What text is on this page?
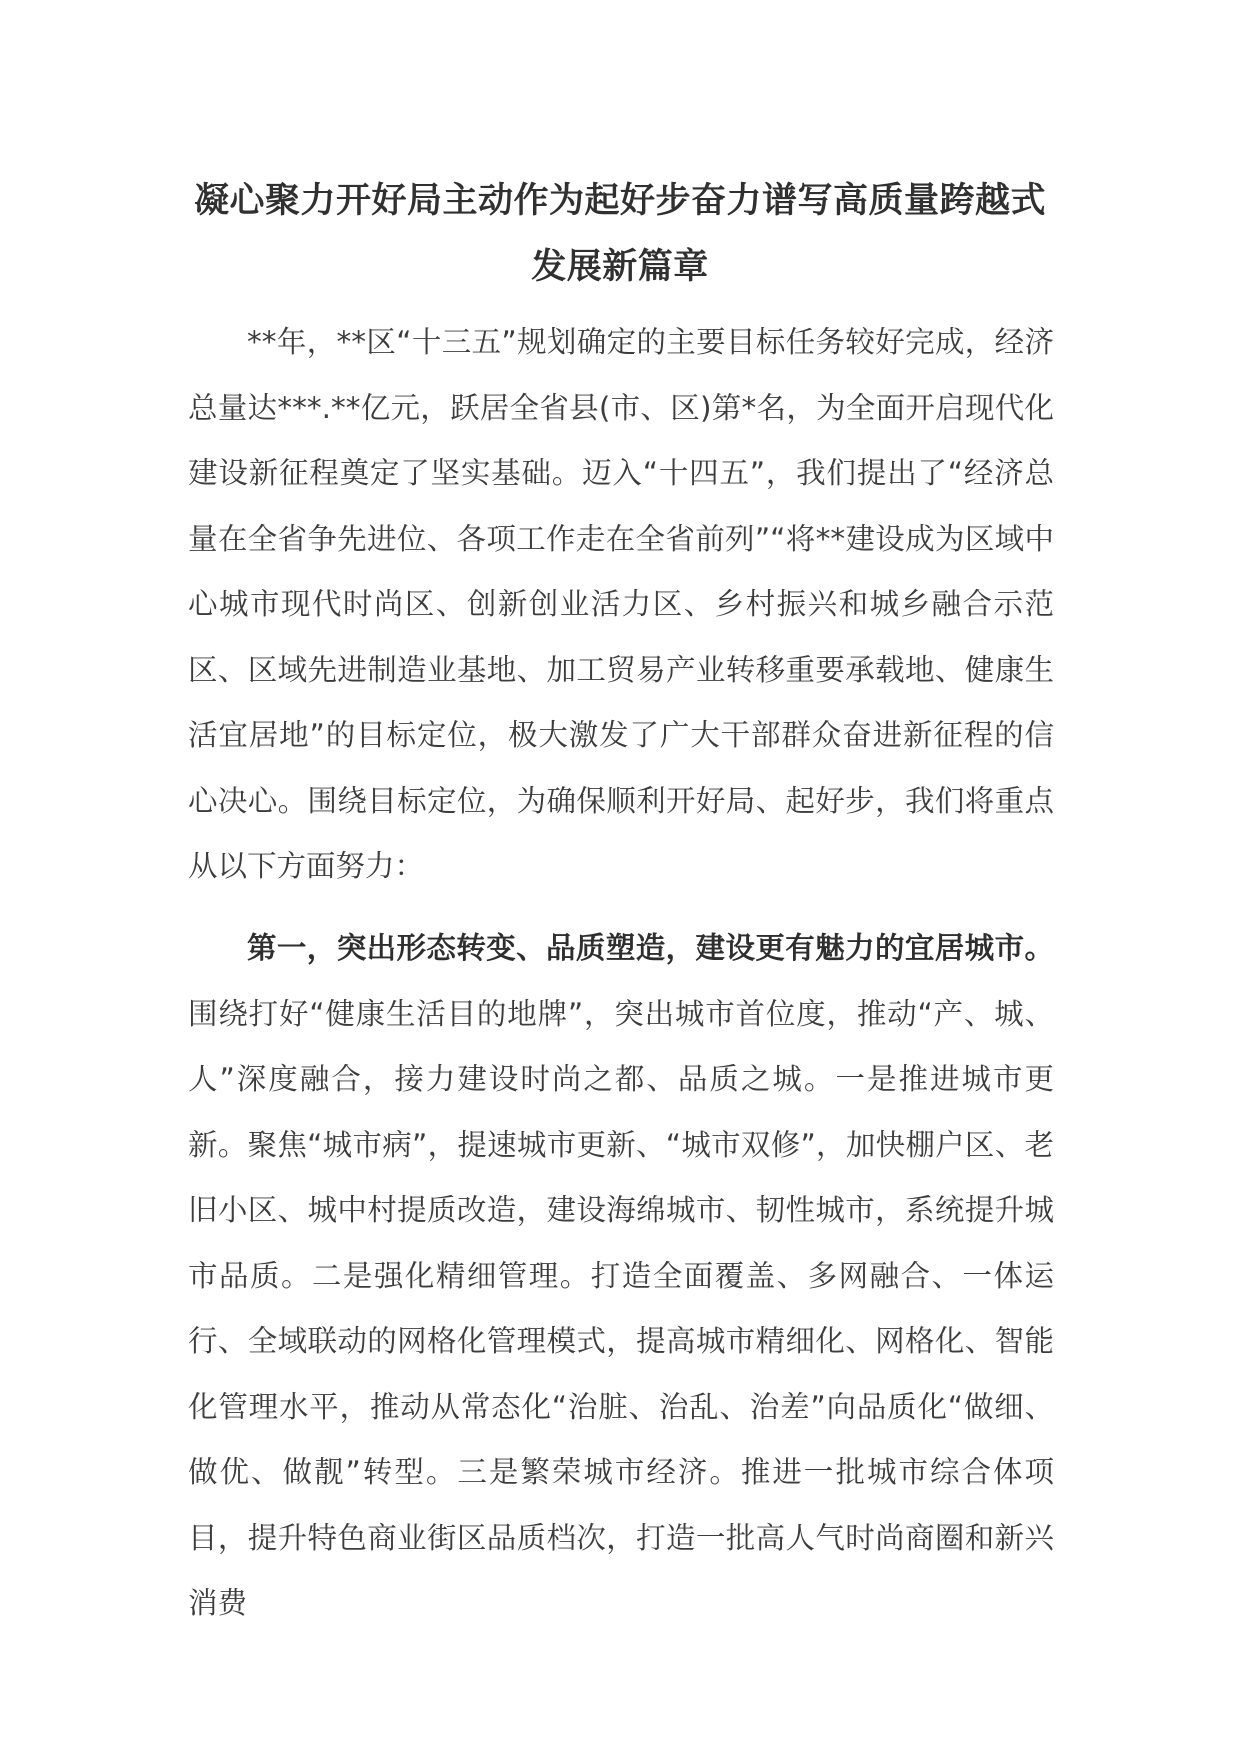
凝心聚力开好局主动作为起好步奋力谱写高质量跨越式发展新篇章

**年，**区“十三五”规划确定的主要目标任务较好完成，经济总量达***.**亿元，跃居全省县(市、区)第*名，为全面开启现代化建设新征程奠定了坚实基础。迈入“十四五”，我们提出了“经济总量在全省争先进位、各项工作走在全省前列”“将**建设成为区域中心城市现代时尚区、创新创业活力区、乡村振兴和城乡融合示范区、区域先进制造业基地、加工贸易产业转移重要承载地、健康生活宜居地”的目标定位，极大激发了广大干部群众奋进新征程的信心决心。围绕目标定位，为确保顺利开好局、起好步，我们将重点从以下方面努力：

第一，突出形态转变、品质塑造，建设更有魅力的宜居城市。围绕打好“健康生活目的地牌”，突出城市首位度，推动“产、城、人”深度融合，接力建设时尚之都、品质之城。一是推进城市更新。聚焦“城市病”，提速城市更新、“城市双修”，加快棚户区、老旧小区、城中村提质改造，建设海绵城市、韧性城市，系统提升城市品质。二是强化精细管理。打造全面覆盖、多网融合、一体运行、全域联动的网格化管理模式，提高城市精细化、网格化、智能化管理水平，推动从常态化“治脏、治乱、治差”向品质化“做细、做优、做靓”转型。三是繁荣城市经济。推进一批城市综合体项目，提升特色商业街区品质档次，打造一批高人气时尚商圈和新兴消费
